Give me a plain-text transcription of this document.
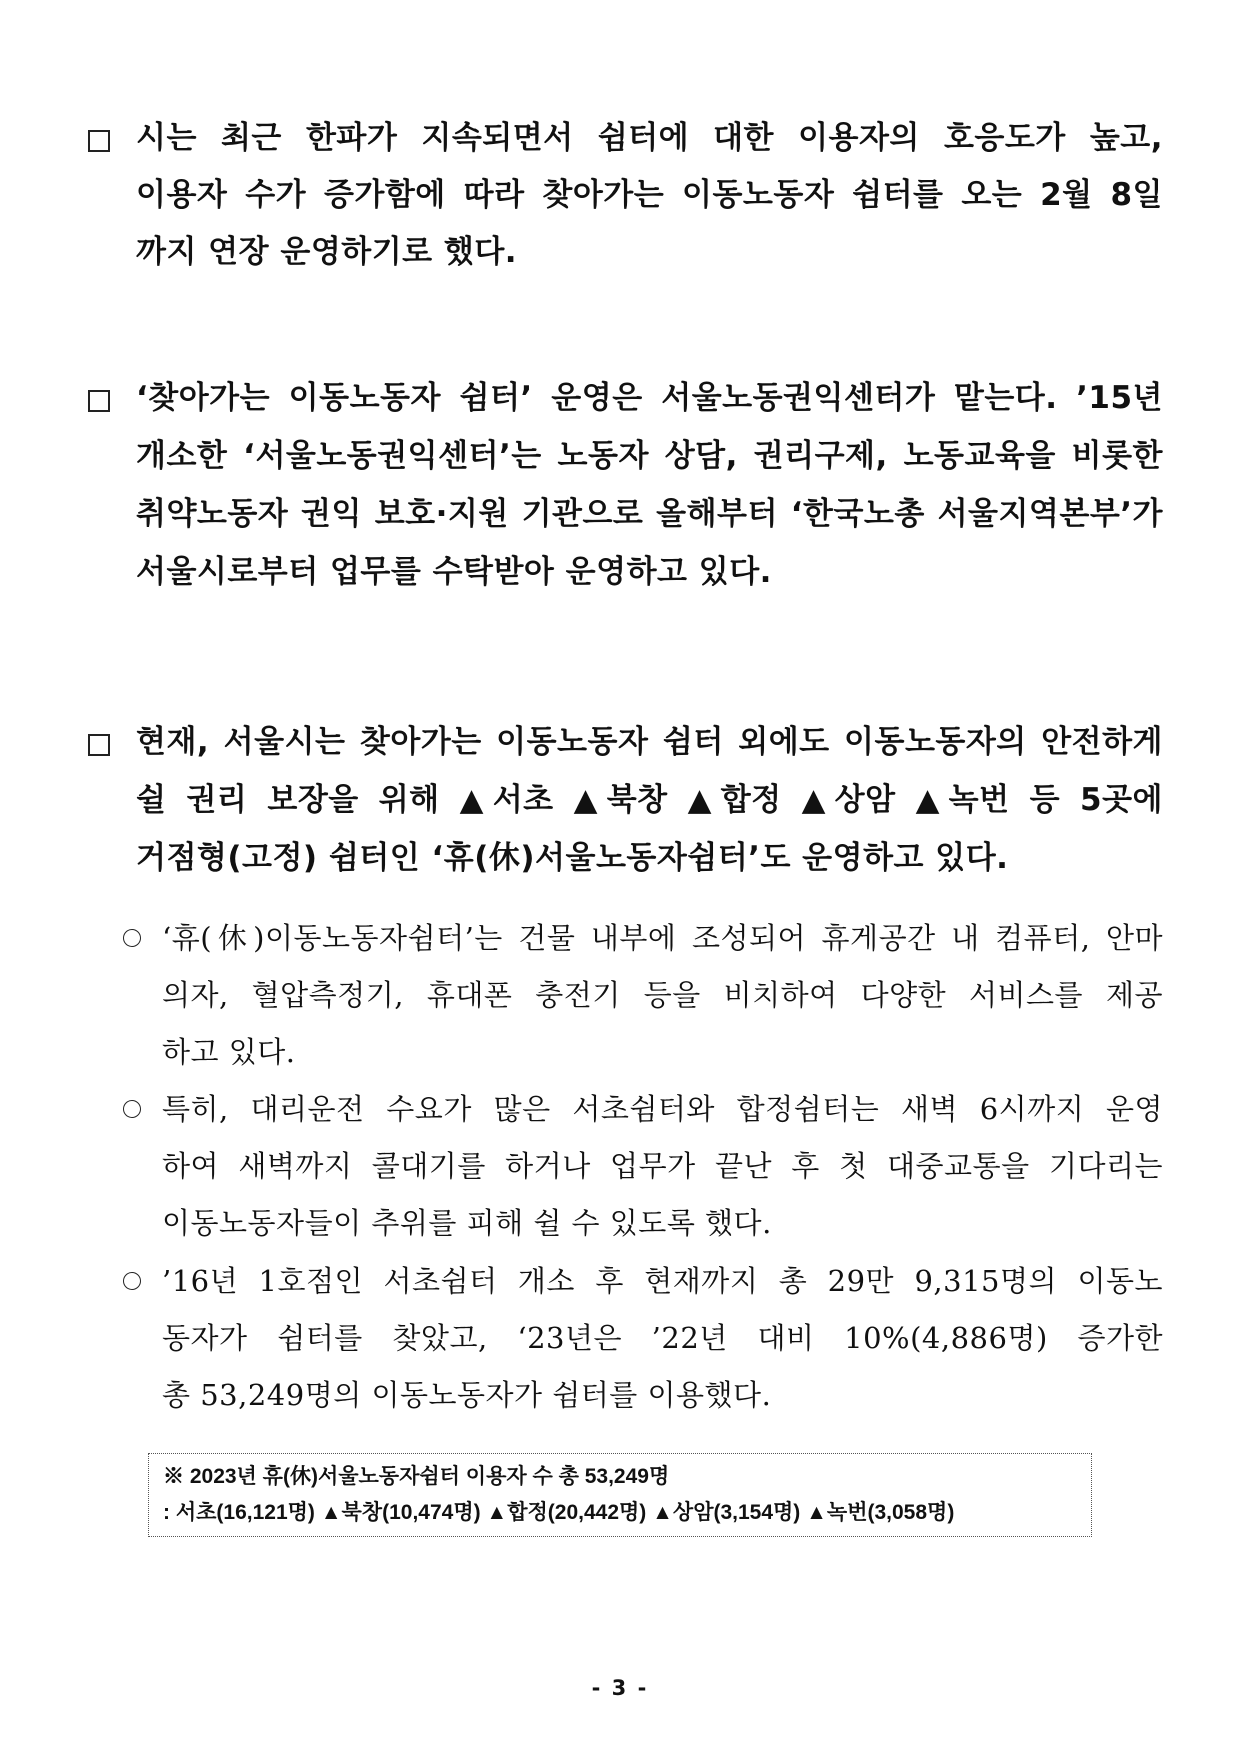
시는 최근 한파가 지속되면서 쉼터에 대한 이용자의 호응도가 높고,
이용자 수가 증가함에 따라 찾아가는 이동노동자 쉼터를 오는 2월 8일
까지 연장 운영하기로 했다.
‘찾아가는 이동노동자 쉼터’ 운영은 서울노동권익센터가 맡는다. ’15년
개소한 ‘서울노동권익센터’는 노동자 상담, 권리구제, 노동교육을 비롯한
취약노동자 권익 보호·지원 기관으로 올해부터 ‘한국노총 서울지역본부’가
서울시로부터 업무를 수탁받아 운영하고 있다.
현재, 서울시는 찾아가는 이동노동자 쉼터 외에도 이동노동자의 안전하게
쉴 권리 보장을 위해 ▲서초 ▲북창 ▲합정 ▲상암 ▲녹번 등 5곳에
거점형(고정) 쉼터인 ‘휴(休)서울노동자쉼터’도 운영하고 있다.
‘휴(休)이동노동자쉼터’는 건물 내부에 조성되어 휴게공간 내 컴퓨터, 안마
의자, 혈압측정기, 휴대폰 충전기 등을 비치하여 다양한 서비스를 제공
하고 있다.
특히, 대리운전 수요가 많은 서초쉼터와 합정쉼터는 새벽 6시까지 운영
하여 새벽까지 콜대기를 하거나 업무가 끝난 후 첫 대중교통을 기다리는
이동노동자들이 추위를 피해 쉴 수 있도록 했다.
’16년 1호점인 서초쉼터 개소 후 현재까지 총 29만 9,315명의 이동노
동자가 쉼터를 찾았고, ‘23년은 ’22년 대비 10%(4,886명) 증가한
총 53,249명의 이동노동자가 쉼터를 이용했다.
※ 2023년 휴(休)서울노동자쉼터 이용자 수 총 53,249명
: 서초(16,121명) ▲북창(10,474명) ▲합정(20,442명) ▲상암(3,154명) ▲녹번(3,058명)
- 3 -
